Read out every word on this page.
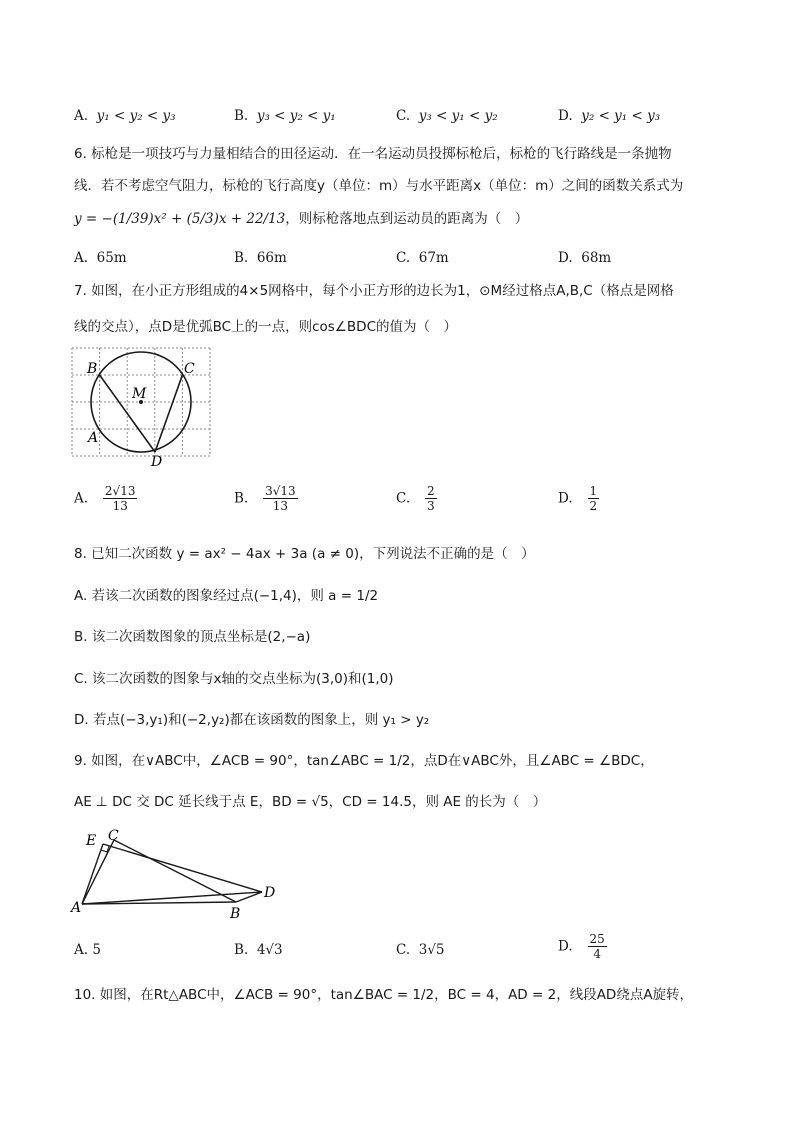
A. y₁ < y₂ < y₃	B. y₃ < y₂ < y₁	C. y₃ < y₁ < y₂	D. y₂ < y₁ < y₃
6. 标枪是一项技巧与力量相结合的田径运动．在一名运动员投掷标枪后，标枪的飞行路线是一条抛物
线．若不考虑空气阻力，标枪的飞行高度y（单位：m）与水平距离x（单位：m）之间的函数关系式为
y = −(1/39)x² + (5/3)x + 22/13，则标枪落地点到运动员的距离为（　）
A. 65m	B. 66m	C. 67m	D. 68m
7. 如图，在小正方形组成的4×5网格中，每个小正方形的边长为1，⊙M经过格点A,B,C（格点是网格
线的交点），点D是优弧BC上的一点，则cos∠BDC的值为（　）
B	C
M
A
D
A. $\frac{2√13}{13}$	B. $\frac{3√13}{13}$	C. $\frac{2}{3}$	D. $\frac{1}{2}$
8. 已知二次函数 y = ax² − 4ax + 3a (a ≠ 0)，下列说法不正确的是（　）
A. 若该二次函数的图象经过点(−1,4)，则 a = 1/2
B. 该二次函数图象的顶点坐标是(2,−a)
C. 该二次函数的图象与x轴的交点坐标为(3,0)和(1,0)
D. 若点(−3,y₁)和(−2,y₂)都在该函数的图象上，则 y₁ > y₂
9. 如图，在∨ABC中，∠ACB = 90°，tan∠ABC = 1/2，点D在∨ABC外，且∠ABC = ∠BDC，
AE ⊥ DC 交 DC 延长线于点 E，BD = √5，CD = 14.5，则 AE 的长为（　）
E C
A	B
D
A. 5	B. 4√3	C. 3√5	D. $\frac{25}{4}$
10. 如图，在Rt△ABC中，∠ACB = 90°，tan∠BAC = 1/2，BC = 4，AD = 2，线段AD绕点A旋转，
